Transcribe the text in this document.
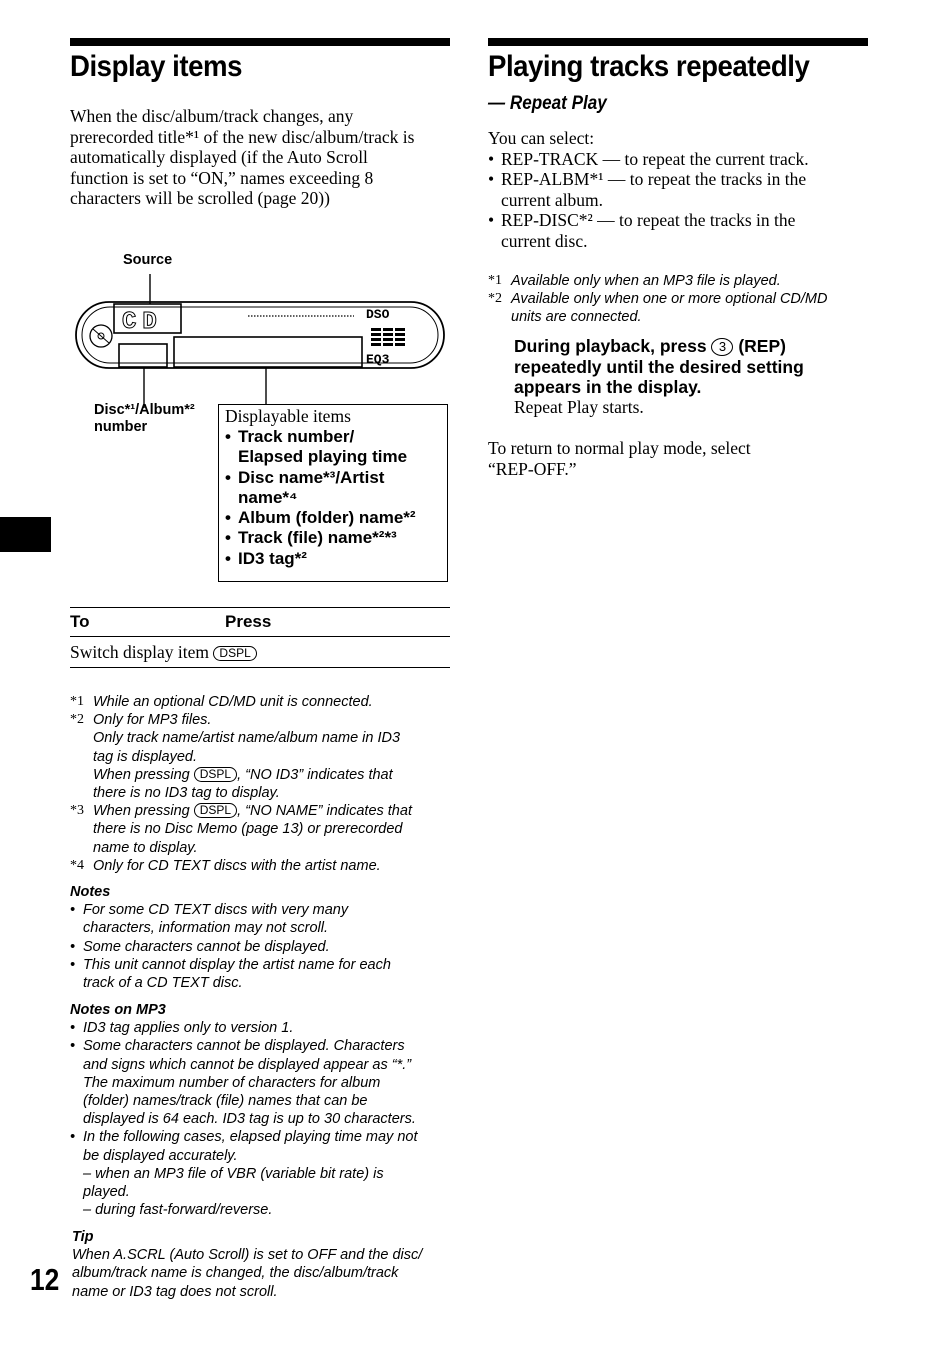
Display items
When the disc/album/track changes, any
prerecorded title*¹ of the new disc/album/track is
automatically displayed (if the Auto Scroll
function is set to “ON,” names exceeding 8
characters will be scrolled (page 20))
Source
CD	DSO
EQ3
Disc*¹/Album*²
number
Displayable items
• Track number/
Elapsed playing time
• Disc name*³/Artist
name*⁴
• Album (folder) name*²
• Track (file) name*²*³
• ID3 tag*²
To	Press
Switch display item DSPL
*1 While an optional CD/MD unit is connected.
*2 Only for MP3 files.
Only track name/artist name/album name in ID3
tag is displayed.
When pressing DSPL , “NO ID3” indicates that
there is no ID3 tag to display.
*3 When pressing DSPL , “NO NAME” indicates that
there is no Disc Memo (page 13) or prerecorded
name to display.
*4 Only for CD TEXT discs with the artist name.
Notes
• For some CD TEXT discs with very many
characters, information may not scroll.
• Some characters cannot be displayed.
• This unit cannot display the artist name for each
track of a CD TEXT disc.
Notes on MP3
• ID3 tag applies only to version 1.
• Some characters cannot be displayed. Characters
and signs which cannot be displayed appear as “*.”
The maximum number of characters for album
(folder) names/track (file) names that can be
displayed is 64 each. ID3 tag is up to 30 characters.
• In the following cases, elapsed playing time may not
be displayed accurately.
– when an MP3 file of VBR (variable bit rate) is
played.
– during fast-forward/reverse.
Tip
When A.SCRL (Auto Scroll) is set to OFF and the disc/
album/track name is changed, the disc/album/track
name or ID3 tag does not scroll.
12
Playing tracks repeatedly
— Repeat Play
You can select:
• REP-TRACK — to repeat the current track.
• REP-ALBM*¹ — to repeat the tracks in the
current album.
• REP-DISC*² — to repeat the tracks in the
current disc.
*1 Available only when an MP3 file is played.
*2 Available only when one or more optional CD/MD
units are connected.
During playback, press 3 (REP)
repeatedly until the desired setting
appears in the display.
Repeat Play starts.
To return to normal play mode, select
“REP-OFF.”
